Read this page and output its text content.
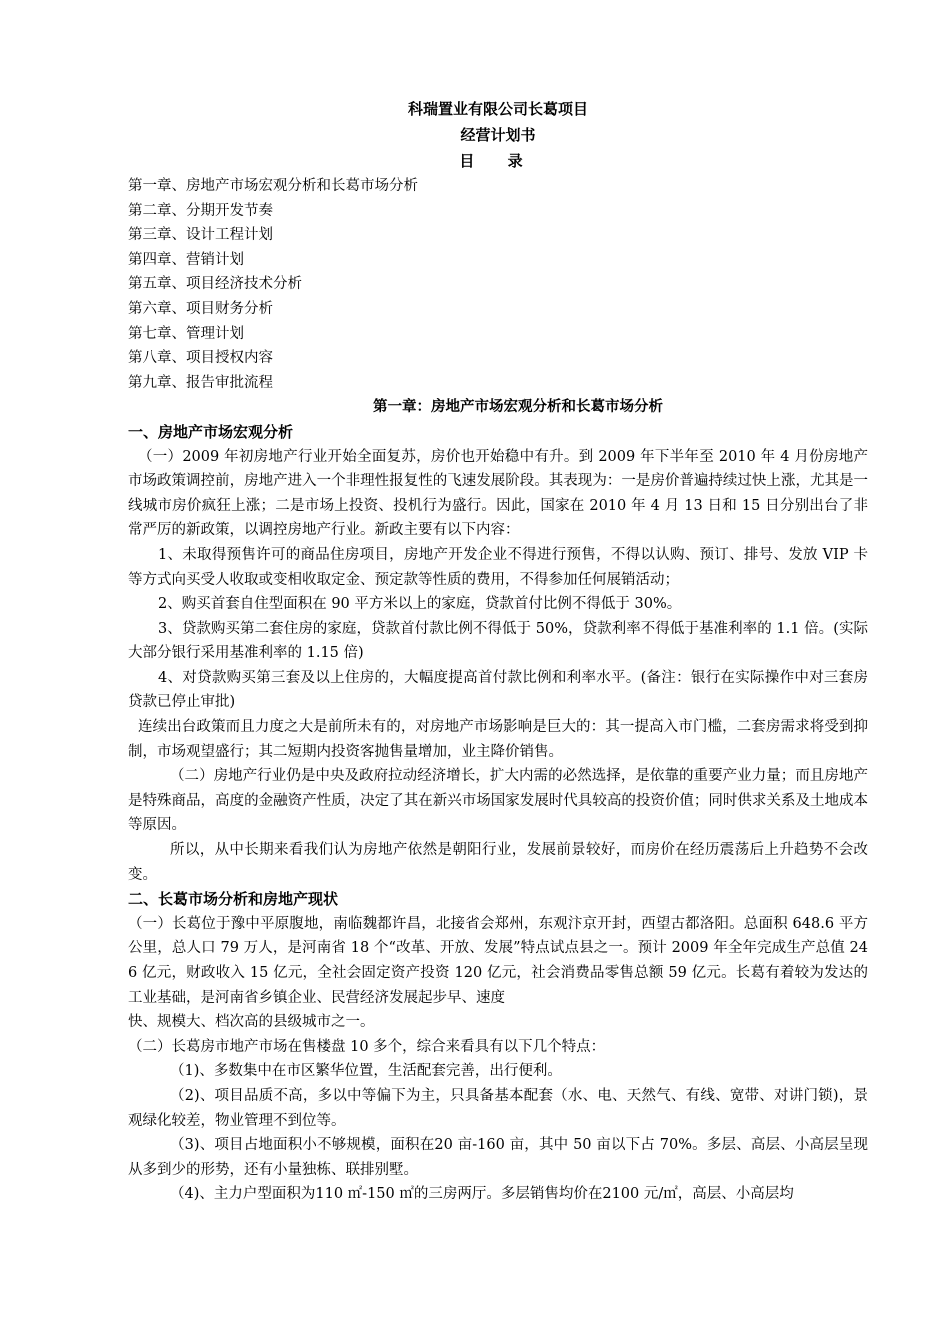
科瑞置业有限公司长葛项目

经营计划书

目 录

第一章、房地产市场宏观分析和长葛市场分析

第二章、分期开发节奏

第三章、设计工程计划

第四章、营销计划

第五章、项目经济技术分析

第六章、项目财务分析

第七章、管理计划

第八章、项目授权内容

第九章、报告审批流程

第一章：房地产市场宏观分析和长葛市场分析

一、房地产市场宏观分析

（一）2009 年初房地产行业开始全面复苏，房价也开始稳中有升。到 2009 年下半年至 2010 年 4 月份房地产市场政策调控前，房地产进入一个非理性报复性的飞速发展阶段。其表现为：一是房价普遍持续过快上涨，尤其是一线城市房价疯狂上涨；二是市场上投资、投机行为盛行。因此，国家在 2010 年 4 月 13 日和 15 日分别出台了非常严厉的新政策，以调控房地产行业。新政主要有以下内容：

1、未取得预售许可的商品住房项目，房地产开发企业不得进行预售，不得以认购、预订、排号、发放 VIP 卡等方式向买受人收取或变相收取定金、预定款等性质的费用，不得参加任何展销活动；

2、购买首套自住型面积在 90 平方米以上的家庭，贷款首付比例不得低于 30%。

3、贷款购买第二套住房的家庭，贷款首付款比例不得低于 50%，贷款利率不得低于基准利率的 1.1 倍。(实际大部分银行采用基准利率的 1.15 倍)

4、对贷款购买第三套及以上住房的，大幅度提高首付款比例和利率水平。(备注：银行在实际操作中对三套房贷款已停止审批)

连续出台政策而且力度之大是前所未有的，对房地产市场影响是巨大的：其一提高入市门槛，二套房需求将受到抑制，市场观望盛行；其二短期内投资客抛售量增加，业主降价销售。

（二）房地产行业仍是中央及政府拉动经济增长，扩大内需的必然选择，是依靠的重要产业力量；而且房地产是特殊商品，高度的金融资产性质，决定了其在新兴市场国家发展时代具较高的投资价值；同时供求关系及土地成本等原因。

所以，从中长期来看我们认为房地产依然是朝阳行业，发展前景较好，而房价在经历震荡后上升趋势不会改变。

二、长葛市场分析和房地产现状

（一）长葛位于豫中平原腹地，南临魏都许昌，北接省会郑州，东观汴京开封，西望古都洛阳。总面积 648.6 平方公里，总人口 79 万人，是河南省 18 个“改革、开放、发展”特点试点县之一。预计 2009 年全年完成生产总值 246 亿元，财政收入 15 亿元，全社会固定资产投资 120 亿元，社会消费品零售总额 59 亿元。长葛有着较为发达的工业基础，是河南省乡镇企业、民营经济发展起步早、速度

快、规模大、档次高的县级城市之一。

（二）长葛房市地产市场在售楼盘 10 多个，综合来看具有以下几个特点：

（1)、多数集中在市区繁华位置，生活配套完善，出行便利。

（2)、项目品质不高，多以中等偏下为主，只具备基本配套（水、电、天然气、有线、宽带、对讲门锁)，景观绿化较差，物业管理不到位等。

（3)、项目占地面积小不够规模，面积在20 亩-160 亩，其中 50 亩以下占 70%。多层、高层、小高层呈现从多到少的形势，还有小量独栋、联排别墅。

（4)、主力户型面积为110 ㎡-150 ㎡的三房两厅。多层销售均价在2100 元/㎡，高层、小高层均
